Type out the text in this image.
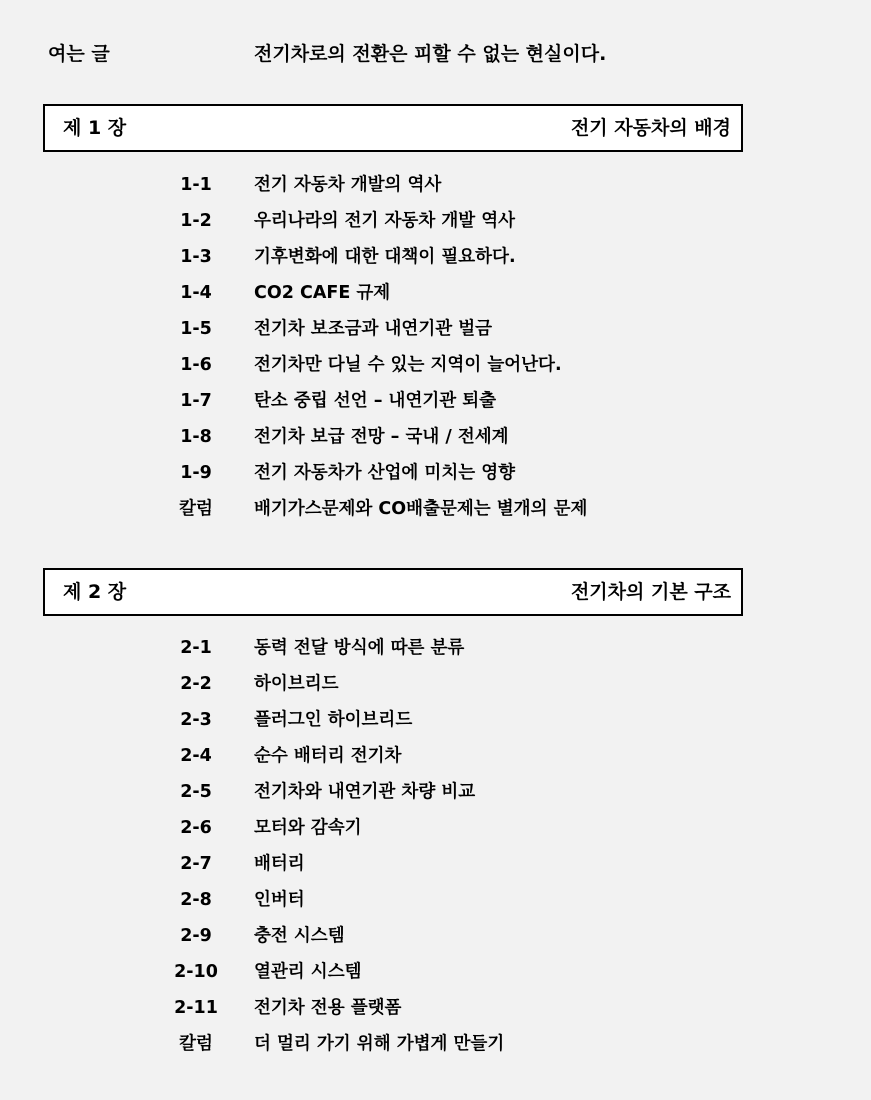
여는 글	전기차로의 전환은 피할 수 없는 현실이다.
제 1 장	전기 자동차의 배경
1-1	전기 자동차 개발의 역사
1-2	우리나라의 전기 자동차 개발 역사
1-3	기후변화에 대한 대책이 필요하다.
1-4	CO2 CAFE 규제
1-5	전기차 보조금과 내연기관 벌금
1-6	전기차만 다닐 수 있는 지역이 늘어난다.
1-7	탄소 중립 선언 – 내연기관 퇴출
1-8	전기차 보급 전망 – 국내 / 전세계
1-9	전기 자동차가 산업에 미치는 영향
칼럼	배기가스문제와 CO배출문제는 별개의 문제
제 2 장	전기차의 기본 구조
2-1	동력 전달 방식에 따른 분류
2-2	하이브리드
2-3	플러그인 하이브리드
2-4	순수 배터리 전기차
2-5	전기차와 내연기관 차량 비교
2-6	모터와 감속기
2-7	배터리
2-8	인버터
2-9	충전 시스템
2-10	열관리 시스템
2-11	전기차 전용 플랫폼
칼럼	더 멀리 가기 위해 가볍게 만들기
